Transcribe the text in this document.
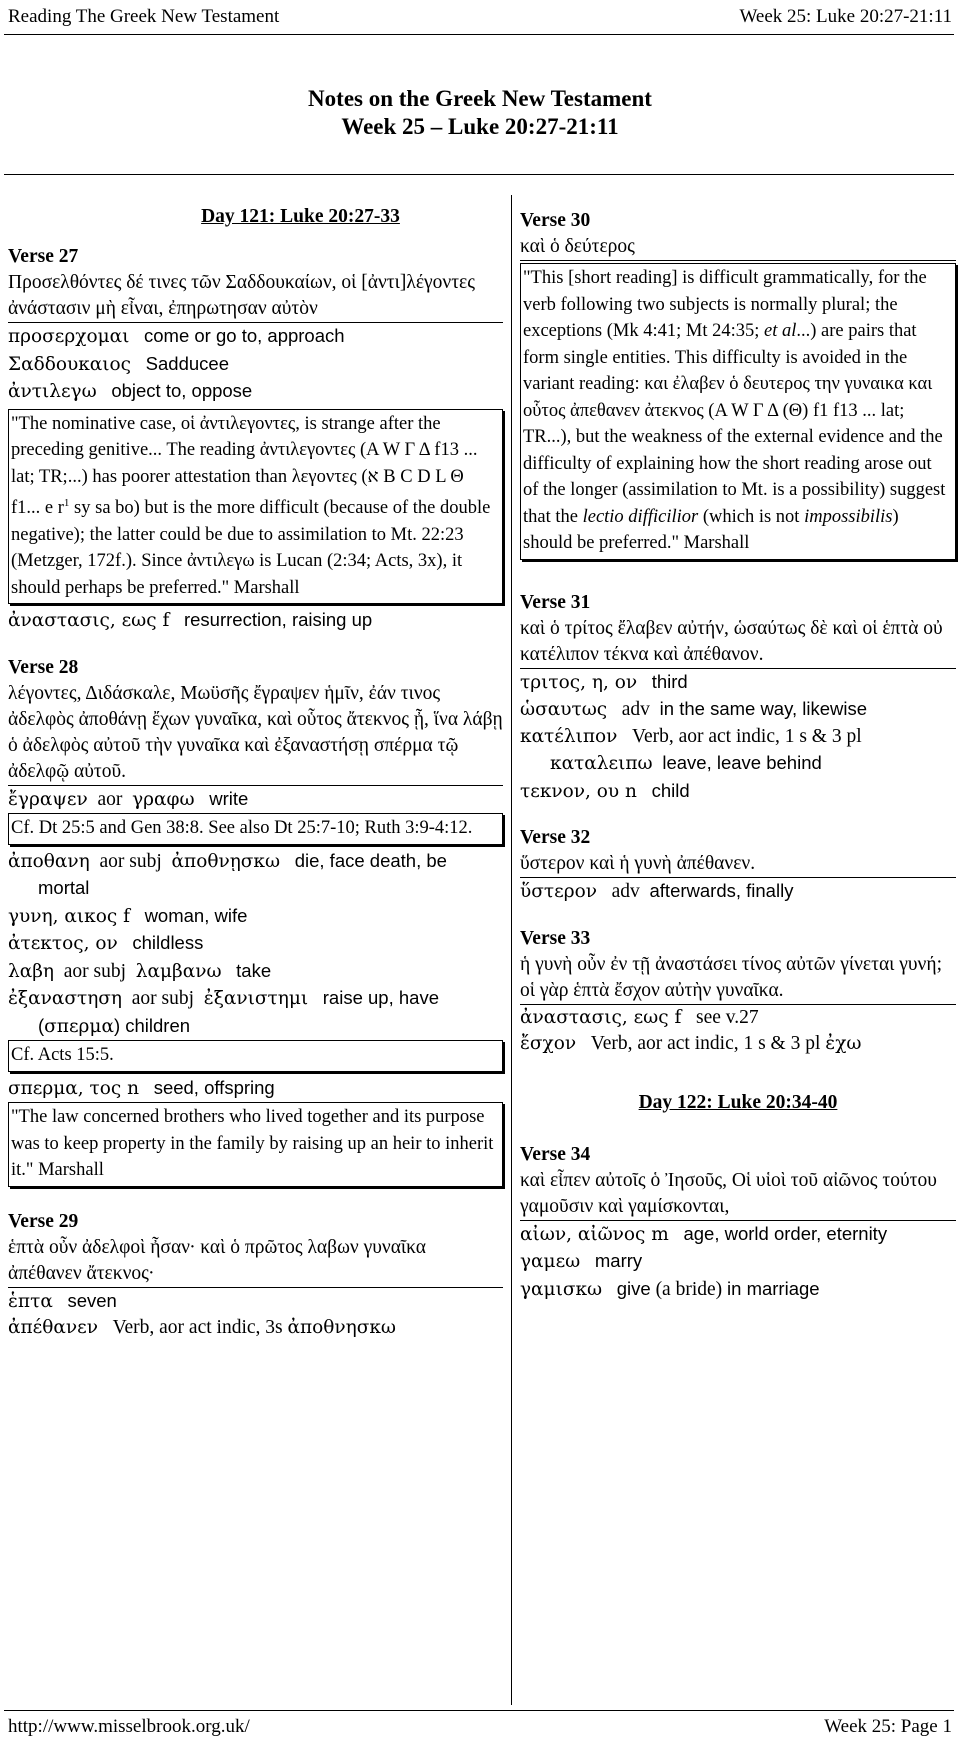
Reading The Greek New Testament	Week 25: Luke 20:27-21:11
Notes on the Greek New Testament
Week 25 – Luke 20:27-21:11
Day 121: Luke 20:27-33
Verse 27
Προσελθόντες δέ τινες τῶν Σαδδουκαίων, οἱ [ἀντι]λέγοντες ἀνάστασιν μὴ εἶναι, ἐπηρωτησαν αὐτὸν
προσερχομαι come or go to, approach
Σαδδουκαιος Sadducee
ἀντιλεγω object to, oppose
"The nominative case, οἱ ἀντιλεγοντες, is strange after the preceding genitive... The reading ἀντιλεγοντες (A W Γ Δ f13 ... lat; TR;...) has poorer attestation than λεγοντες (א B C D L Θ f1... e $r^1$ sy sa bo) but is the more difficult (because of the double negative); the latter could be due to assimilation to Mt. 22:23 (Metzger, 172f.). Since ἀντιλεγω is Lucan (2:34; Acts, 3x), it should perhaps be preferred." Marshall
ἀναστασις, εως f resurrection, raising up
Verse 28
λέγοντες, Διδάσκαλε, Μωϋσῆς ἔγραψεν ἡμῖν, ἐάν τινος ἀδελφὸς ἀποθάνῃ ἔχων γυναῖκα, καὶ οὗτος ἄτεκνος ᾖ, ἵνα λάβῃ ὁ ἀδελφὸς αὐτοῦ τὴν γυναῖκα καὶ ἐξαναστήσῃ σπέρμα τῷ ἀδελφῷ αὐτοῦ.
ἔγραψεν aor γραφω write
Cf. Dt 25:5 and Gen 38:8. See also Dt 25:7-10; Ruth 3:9-4:12.
ἀποθανη aor subj ἀποθνῃσκω die, face death, be mortal
γυνη, αικος f woman, wife
ἀτεκτος, ον childless
λαβη aor subj λαμβανω take
ἐξαναστηση aor subj ἐξανιστημι raise up, have (σπερμα) children
Cf. Acts 15:5.
σπερμα, τος n seed, offspring
"The law concerned brothers who lived together and its purpose was to keep property in the family by raising up an heir to inherit it." Marshall
Verse 29
ἑπτὰ οὖν ἀδελφοὶ ἦσαν· καὶ ὁ πρῶτος λαβων γυναῖκα ἀπέθανεν ἄτεκνος·
ἑπτα seven
ἀπέθανεν Verb, aor act indic, 3s ἀποθνησκω
Verse 30
καὶ ὁ δεύτερος
"This [short reading] is difficult grammatically, for the verb following two subjects is normally plural; the exceptions (Mk 4:41; Mt 24:35; et al...) are pairs that form single entities. This difficulty is avoided in the variant reading: και ἐλαβεν ὁ δευτερος την γυναικα και οὗτος ἀπεθανεν ἀτεκνος (A W Γ Δ (Θ) f1 f13 ... lat; TR...), but the weakness of the external evidence and the difficulty of explaining how the short reading arose out of the longer (assimilation to Mt. is a possibility) suggest that the lectio difficilior (which is not impossibilis) should be preferred." Marshall
Verse 31
καὶ ὁ τρίτος ἔλαβεν αὐτήν, ὡσαύτως δὲ καὶ οἱ ἑπτὰ οὐ κατέλιπον τέκνα καὶ ἀπέθανον.
τριτος, η, ον third
ὡσαυτως adv in the same way, likewise
κατέλιπον Verb, aor act indic, 1 s & 3 pl καταλειπω leave, leave behind
τεκνον, ου n child
Verse 32
ὕστερον καὶ ἡ γυνὴ ἀπέθανεν.
ὕστερον adv afterwards, finally
Verse 33
ἡ γυνὴ οὖν ἐν τῇ ἀναστάσει τίνος αὐτῶν γίνεται γυνή; οἱ γὰρ ἑπτὰ ἔσχον αὐτὴν γυναῖκα.
ἀναστασις, εως f see v.27
ἔσχον Verb, aor act indic, 1 s & 3 pl ἐχω
Day 122: Luke 20:34-40
Verse 34
καὶ εἶπεν αὐτοῖς ὁ Ἰησοῦς, Οἱ υἱοὶ τοῦ αἰῶνος τούτου γαμοῦσιν καὶ γαμίσκονται,
αἰων, αἰῶνος m age, world order, eternity
γαμεω marry
γαμισκω give (a bride) in marriage
http://www.misselbrook.org.uk/	Week 25: Page 1
